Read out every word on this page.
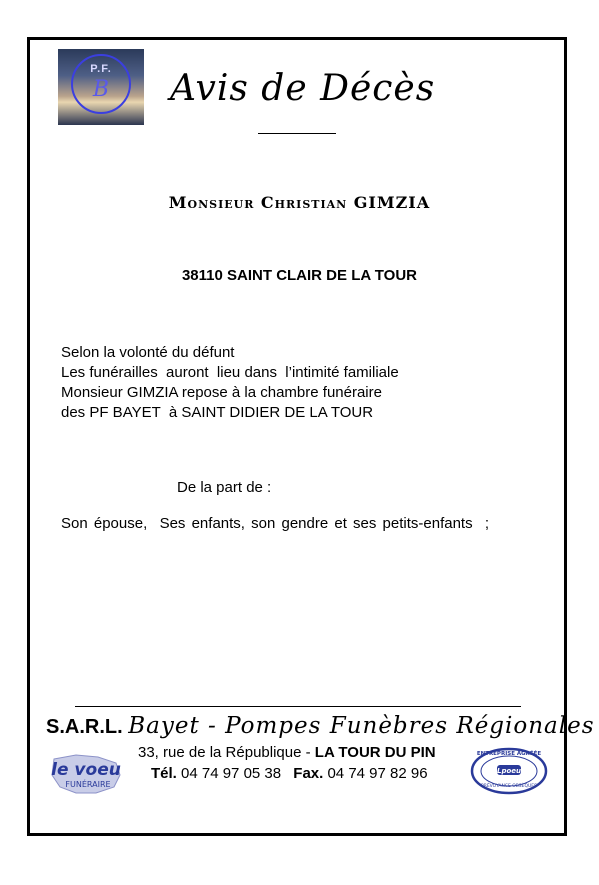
P.F.
B	Avis de Décès
Monsieur Christian GIMZIA
38110 SAINT CLAIR DE LA TOUR
Selon la volonté du défunt
Les funérailles  auront  lieu dans  l’intimité familiale
Monsieur GIMZIA repose à la chambre funéraire
des PF BAYET  à SAINT DIDIER DE LA TOUR
De la part de :
Son épouse,  Ses enfants, son gendre et ses petits-enfants  ;
S.A.R.L. Bayet - Pompes Funèbres Régionales
33, rue de la République - LA TOUR DU PIN
Tél. 04 74 97 05 38 Fax. 04 74 97 82 96
le voeu
FUNÉRAIRE
ENTREPRISE AGRÉÉE
Lpoeu
PRÉVOYANCE OBSÈQUES
